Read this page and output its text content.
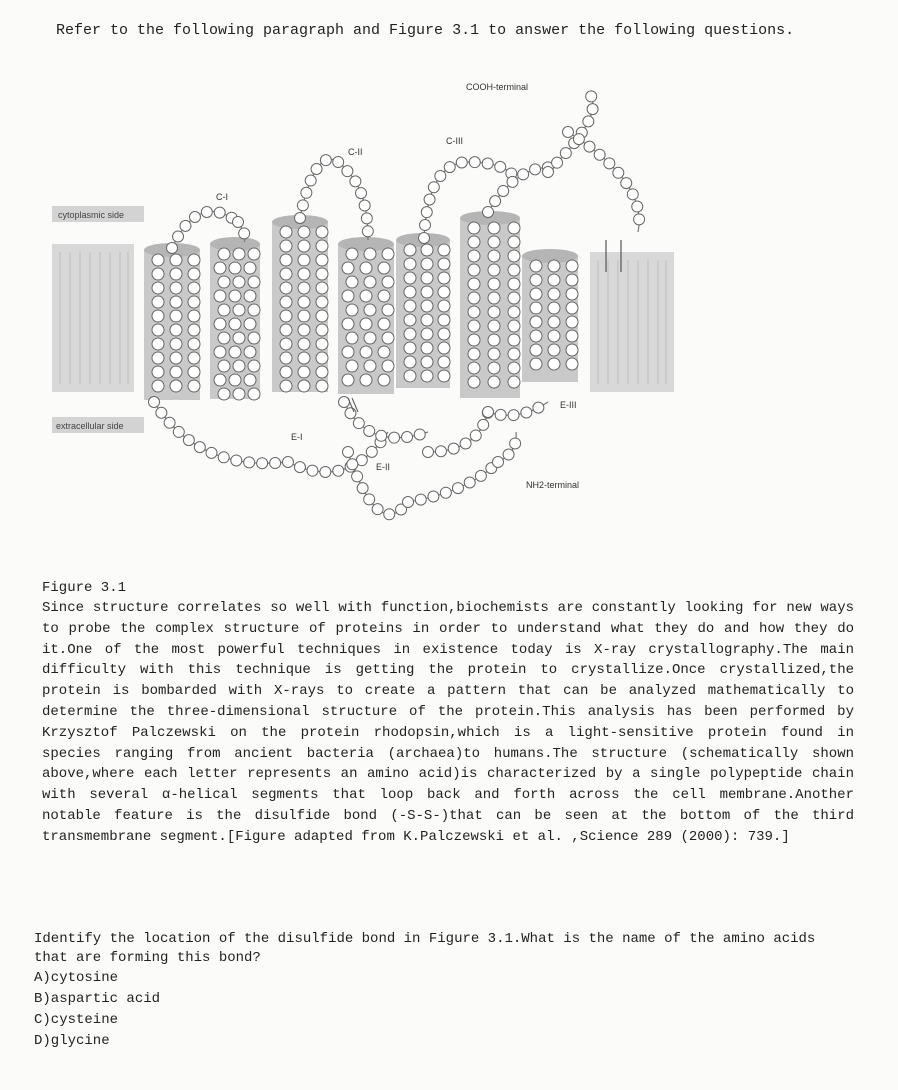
Refer to the following paragraph and Figure 3.1 to answer the following questions.

cytoplasmic side
extracellular side
C-I
C-II
C-III
COOH-terminal
E-I
E-II
E-III
NH2-terminal

Figure 3.1

Since structure correlates so well with function,biochemists are constantly looking for new ways to probe the complex structure of proteins in order to understand what they do and how they do it.One of the most powerful techniques in existence today is X-ray crystallography.The main difficulty with this technique is getting the protein to crystallize.Once crystallized,the protein is bombarded with X-rays to create a pattern that can be analyzed mathematically to determine the three-dimensional structure of the protein.This analysis has been performed by Krzysztof Palczewski on the protein rhodopsin,which is a light-sensitive protein found in species ranging from ancient bacteria (archaea)to humans.The structure (schematically shown above,where each letter represents an amino acid)is characterized by a single polypeptide chain with several α-helical segments that loop back and forth across the cell membrane.Another notable feature is the disulfide bond (-S-S-)that can be seen at the bottom of the third transmembrane segment.[Figure adapted from K.Palczewski et al. ,Science 289 (2000): 739.]

Identify the location of the disulfide bond in Figure 3.1.What is the name of the amino acids that are forming this bond?

A)cytosine
B)aspartic acid
C)cysteine
D)glycine
